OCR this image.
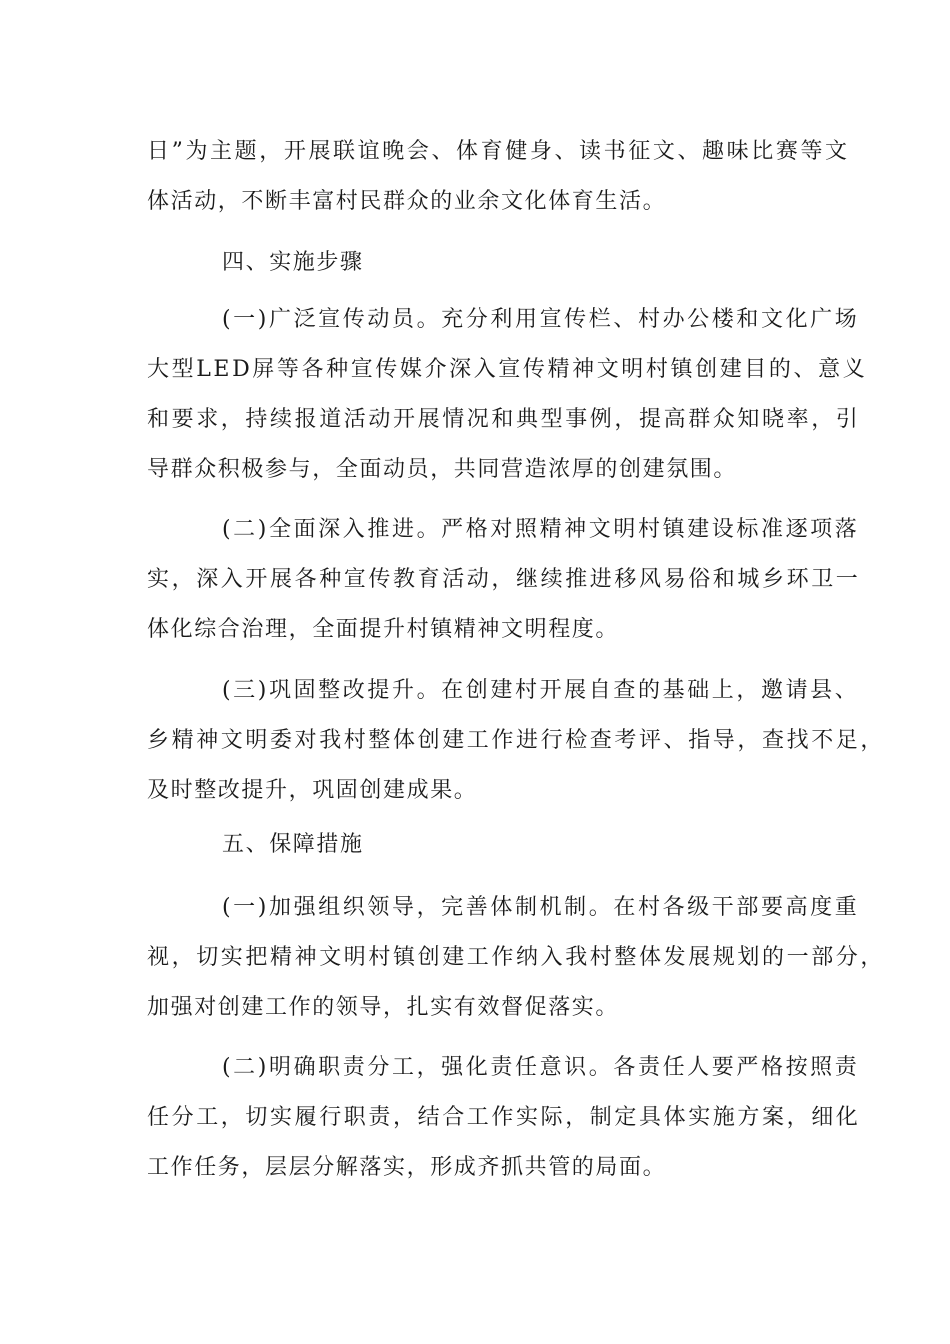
日”为主题，开展联谊晚会、体育健身、读书征文、趣味比赛等文
体活动，不断丰富村民群众的业余文化体育生活。
四、实施步骤
(一)广泛宣传动员。充分利用宣传栏、村办公楼和文化广场
大型LED屏等各种宣传媒介深入宣传精神文明村镇创建目的、意义
和要求，持续报道活动开展情况和典型事例，提高群众知晓率，引
导群众积极参与，全面动员，共同营造浓厚的创建氛围。
(二)全面深入推进。严格对照精神文明村镇建设标准逐项落
实，深入开展各种宣传教育活动，继续推进移风易俗和城乡环卫一
体化综合治理，全面提升村镇精神文明程度。
(三)巩固整改提升。在创建村开展自查的基础上，邀请县、
乡精神文明委对我村整体创建工作进行检查考评、指导，查找不足，
及时整改提升，巩固创建成果。
五、保障措施
(一)加强组织领导，完善体制机制。在村各级干部要高度重
视，切实把精神文明村镇创建工作纳入我村整体发展规划的一部分，
加强对创建工作的领导，扎实有效督促落实。
(二)明确职责分工，强化责任意识。各责任人要严格按照责
任分工，切实履行职责，结合工作实际，制定具体实施方案，细化
工作任务，层层分解落实，形成齐抓共管的局面。
